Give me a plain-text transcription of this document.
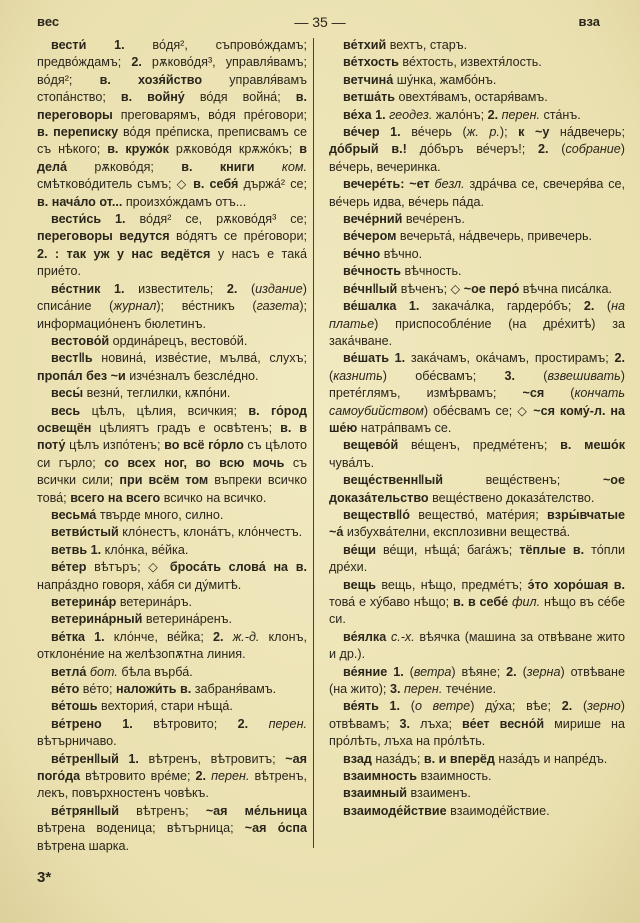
вес	— 35 —	вза
вести́ 1. во́дя², съпрово́ждамъ; предво́ждамъ; 2. рѫково́дя³, управля́вамъ; во́дя²; в. хозя́йство управля́вамъ стопа́нство; в. войну́ во́дя война́; в. переговоры преговарямъ, во́дя пре́говори; в. переписку во́дя пре́писка, преписвамъ се съ нѣкого; в. кружо́к рѫково́дя крѫжо́къ; в дела́ рѫково́дя; в. книги ком. смѣтково́дитель съмъ; ◇ в. себя́ държа́² се; в. нача́ло от... произхо́ждамъ отъ...
вести́сь 1. во́дя² се, рѫково́дя³ се; переговоры ведутся во́дятъ се пре́говори; 2. : так уж у нас ведётся у насъ е така́ прие́то.
ве́стник 1. известитель; 2. (издание) списа́ние (журнал); ве́стникъ (газета); информацио́ненъ бюлетинъ.
вестово́й ордина́рецъ, вестово́й.
вест‖ь новина́, изве́стие, мълва́, слухъ; пропа́л без ~и изче́зналъ безсле́дно.
весы́ везни́, теглилки, кѫпо́ни.
весь цѣлъ, цѣлия, всичкия; в. го́род освещён цѣлиятъ градъ е освѣтенъ; в. в поту́ цѣлъ изпо́тенъ; во всё го́рло съ цѣлото си гърло; со всех ног, во всю мочь съ всички сили; при всём том въпреки всичко това́; всего на всего всичко на всичко.
весьма́ твърде много, силно.
ветви́стый кло́нестъ, клона́тъ, кло́нчестъ.
ветвь 1. кло́нка, ве́йка.
ве́тер вѣтъръ; ◇ броса́ть слова́ на в. напра́здно говоря, ха́бя си ду́митѣ.
ветерина́р ветерина́ръ.
ветерина́рный ветерина́ренъ.
ве́тка 1. кло́нче, ве́йка; 2. ж.-д. клонъ, отклоне́ние на желѣзопѫтна линия.
ветла́ бот. бѣла върба́.
ве́то ве́то; наложи́ть в. забраня́вамъ.
ве́тошь вехтория́, стари нѣща́.
ве́трено 1. вѣтровито; 2. перен. вѣтърничаво.
ве́трен‖ый 1. вѣтренъ, вѣтровитъ; ~ая пого́да вѣтровито вре́ме; 2. перен. вѣтренъ, лекъ, повърхностенъ човѣкъ.
ве́трян‖ый вѣтренъ; ~ая ме́льница вѣтрена воденица; вѣтърница; ~ая о́спа вѣтрена шарка.
3*
ве́тхий вехтъ, старъ.
ве́тхость ве́хтость, извехтя́лость.
ветчина́ шу́нка, жамбо́нъ.
ветша́ть овехтя́вамъ, остаря́вамъ.
ве́ха 1. геодез. жало́нъ; 2. перен. ста́нъ.
ве́чер 1. ве́черь (ж. р.); к ~у на́двечерь; до́брый в.! до́бъръ ве́черъ!; 2. (собрание) ве́черь, вечеринка.
вечере́ть: ~ет безл. здра́чва се, свечеря́ва се, ве́черь идва, ве́черь па́да.
вече́рний вече́ренъ.
ве́чером вечерьта́, на́двечерь, привечерь.
ве́чно вѣчно.
ве́чность вѣчность.
ве́чн‖ый вѣченъ; ◇ ~ое перо́ вѣчна писа́лка.
ве́шалка 1. закача́лка, гардеро́бъ; 2. (на платье) приспособле́ние (на дре́хитѣ) за зака́чване.
ве́шать 1. зака́чамъ, ока́чамъ, простирамъ; 2. (казнить) обе́свамъ; 3. (взвешивать) прете́глямъ, измѣрвамъ; ~ся (кончать самоубийством) обе́свамъ се; ◇ ~ся кому́-л. на ше́ю натра́пвамъ се.
вещево́й ве́щенъ, предме́тенъ; в. мешо́к чува́лъ.
веще́ственн‖ый веще́ственъ; ~ое доказа́тельство веще́ствено доказа́телство.
веществ‖о́ вещество́, мате́рия; взры́вчатые ~а́ избухва́телни, експлозивни вещества́.
ве́щи ве́щи, нѣща́; бага́жъ; тёплые в. то́пли дре́хи.
вещь вещь, нѣщо, предме́тъ; э́то хоро́шая в. това́ е ху́баво нѣщо; в. в себе́ фил. нѣщо въ се́бе си.
ве́ялка с.-х. вѣячка (машина за отвѣване жито и др.).
ве́яние 1. (ветра) вѣяне; 2. (зерна) отвѣване (на жито); 3. перен. тече́ние.
ве́ять 1. (о ветре) ду́ха; вѣе; 2. (зерно) отвѣвамъ; 3. лъха; ве́ет весно́й мирише на про́лѣть, лъха на про́лѣть.
взад наза́дъ; в. и вперёд наза́дъ и напре́дъ.
взаимность взаимность.
взаимный взаименъ.
взаимоде́йствие взаимоде́йствие.
